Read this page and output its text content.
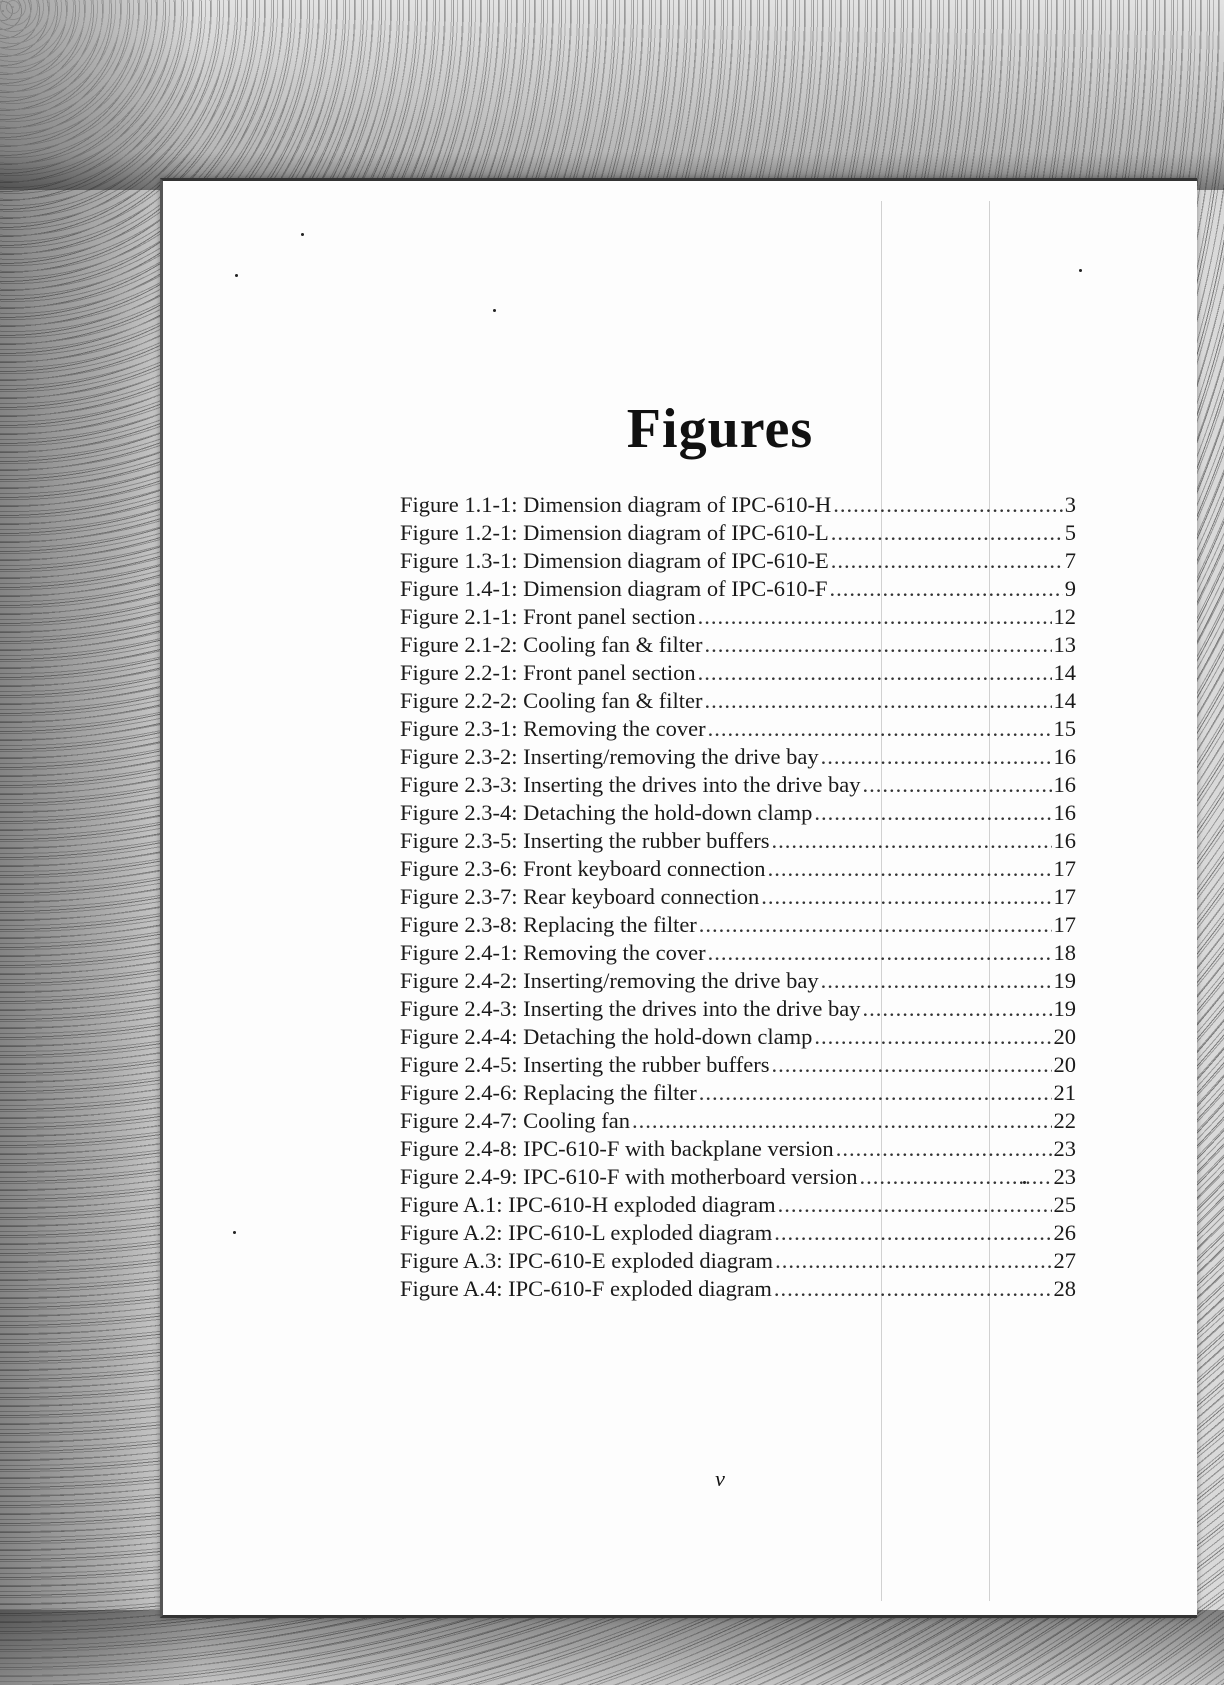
Figures
Figure 1.1-1: Dimension diagram of IPC-610-H .....	3
Figure 1.2-1: Dimension diagram of IPC-610-L .....	5
Figure 1.3-1: Dimension diagram of IPC-610-E .....	7
Figure 1.4-1: Dimension diagram of IPC-610-F .....	9
Figure 2.1-1: Front panel section .....	12
Figure 2.1-2: Cooling fan & filter .....	13
Figure 2.2-1: Front panel section .....	14
Figure 2.2-2: Cooling fan & filter .....	14
Figure 2.3-1: Removing the cover .....	15
Figure 2.3-2: Inserting/removing the drive bay .....	16
Figure 2.3-3: Inserting the drives into the drive bay .....	16
Figure 2.3-4: Detaching the hold-down clamp .....	16
Figure 2.3-5: Inserting the rubber buffers .....	16
Figure 2.3-6: Front keyboard connection .....	17
Figure 2.3-7: Rear keyboard connection .....	17
Figure 2.3-8: Replacing the filter .....	17
Figure 2.4-1: Removing the cover .....	18
Figure 2.4-2: Inserting/removing the drive bay .....	19
Figure 2.4-3: Inserting the drives into the drive bay .....	19
Figure 2.4-4: Detaching the hold-down clamp .....	20
Figure 2.4-5: Inserting the rubber buffers .....	20
Figure 2.4-6: Replacing the filter .....	21
Figure 2.4-7: Cooling fan .....	22
Figure 2.4-8: IPC-610-F with backplane version .....	23
Figure 2.4-9: IPC-610-F with motherboard version .....	23
Figure A.1: IPC-610-H exploded diagram .....	25
Figure A.2: IPC-610-L exploded diagram .....	26
Figure A.3: IPC-610-E exploded diagram .....	27
Figure A.4: IPC-610-F exploded diagram .....	28
v
